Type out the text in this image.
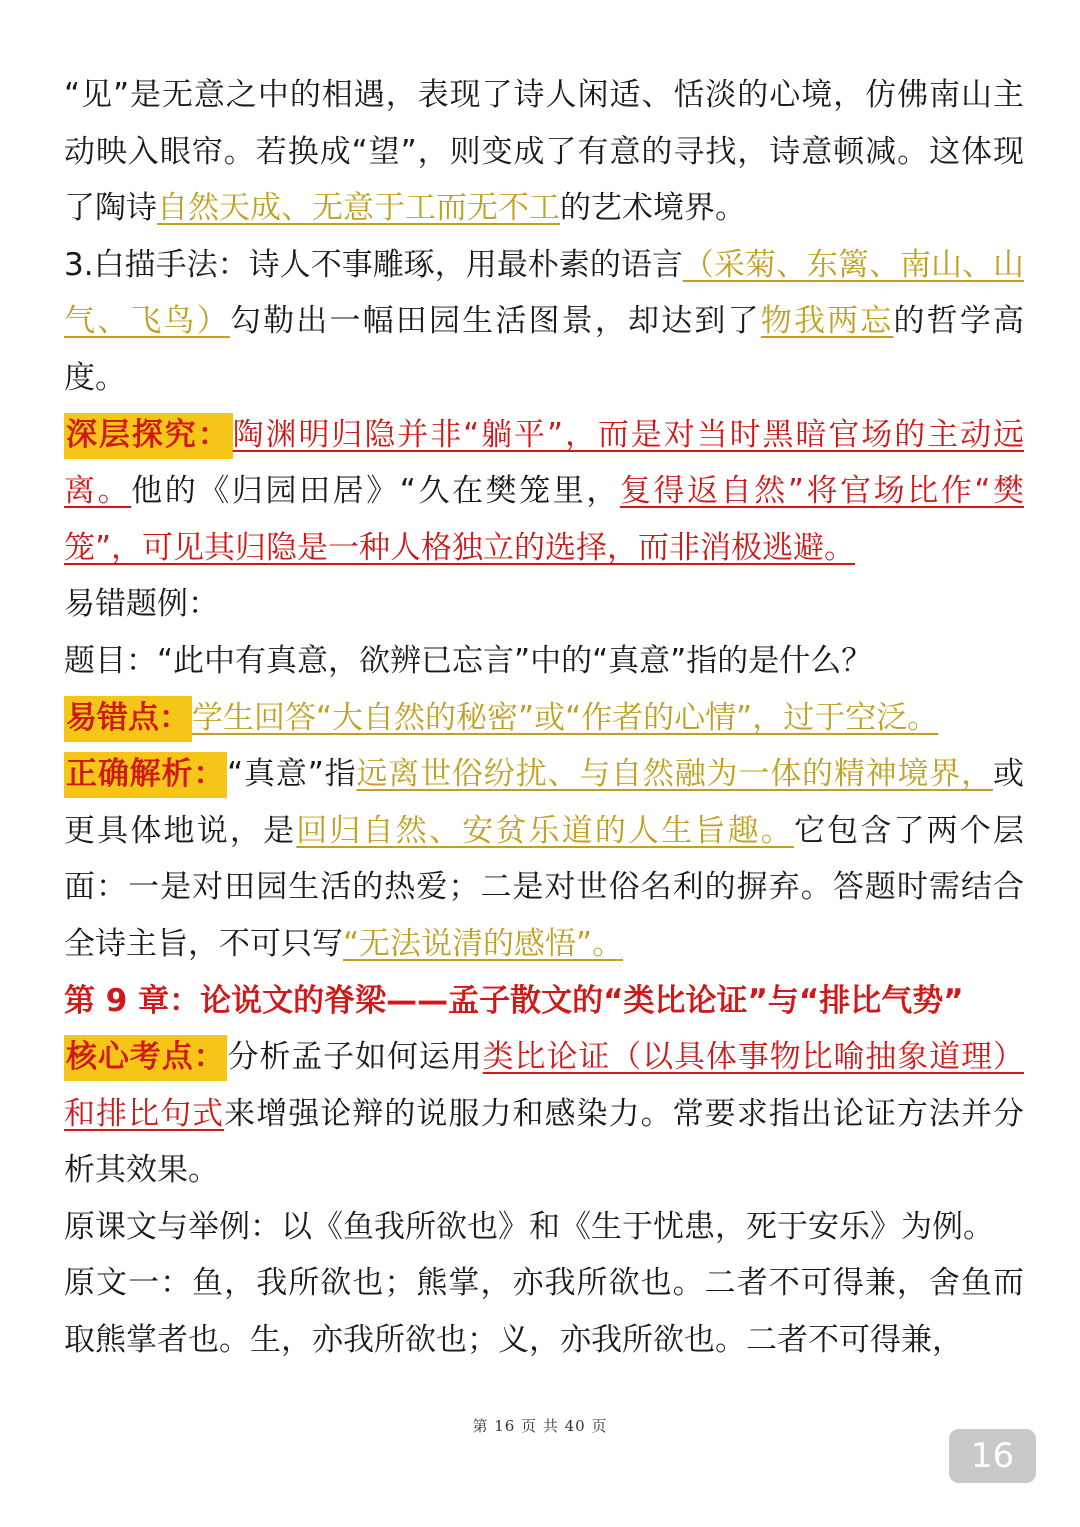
“见”是无意之中的相遇，表现了诗人闲适、恬淡的心境，仿佛南山主动映入眼帘。若换成“望”，则变成了有意的寻找，诗意顿减。这体现了陶诗自然天成、无意于工而无不工的艺术境界。

3.白描手法：诗人不事雕琢，用最朴素的语言（采菊、东篱、南山、山气、飞鸟）勾勒出一幅田园生活图景，却达到了物我两忘的哲学高度。

深层探究：陶渊明归隐并非“躺平”，而是对当时黑暗官场的主动远离。他的《归园田居》“久在樊笼里，复得返自然”将官场比作“樊笼”，可见其归隐是一种人格独立的选择，而非消极逃避。

易错题例：

题目：“此中有真意，欲辨已忘言”中的“真意”指的是什么？

易错点：学生回答“大自然的秘密”或“作者的心情”，过于空泛。

正确解析：“真意”指远离世俗纷扰、与自然融为一体的精神境界，或更具体地说，是回归自然、安贫乐道的人生旨趣。它包含了两个层面：一是对田园生活的热爱；二是对世俗名利的摒弃。答题时需结合全诗主旨，不可只写“无法说清的感悟”。

第 9 章：论说文的脊梁——孟子散文的“类比论证”与“排比气势”

核心考点：分析孟子如何运用类比论证（以具体事物比喻抽象道理）和排比句式来增强论辩的说服力和感染力。常要求指出论证方法并分析其效果。

原课文与举例：以《鱼我所欲也》和《生于忧患，死于安乐》为例。

原文一：鱼，我所欲也；熊掌，亦我所欲也。二者不可得兼，舍鱼而取熊掌者也。生，亦我所欲也；义，亦我所欲也。二者不可得兼，

第 16 页 共 40 页
16
